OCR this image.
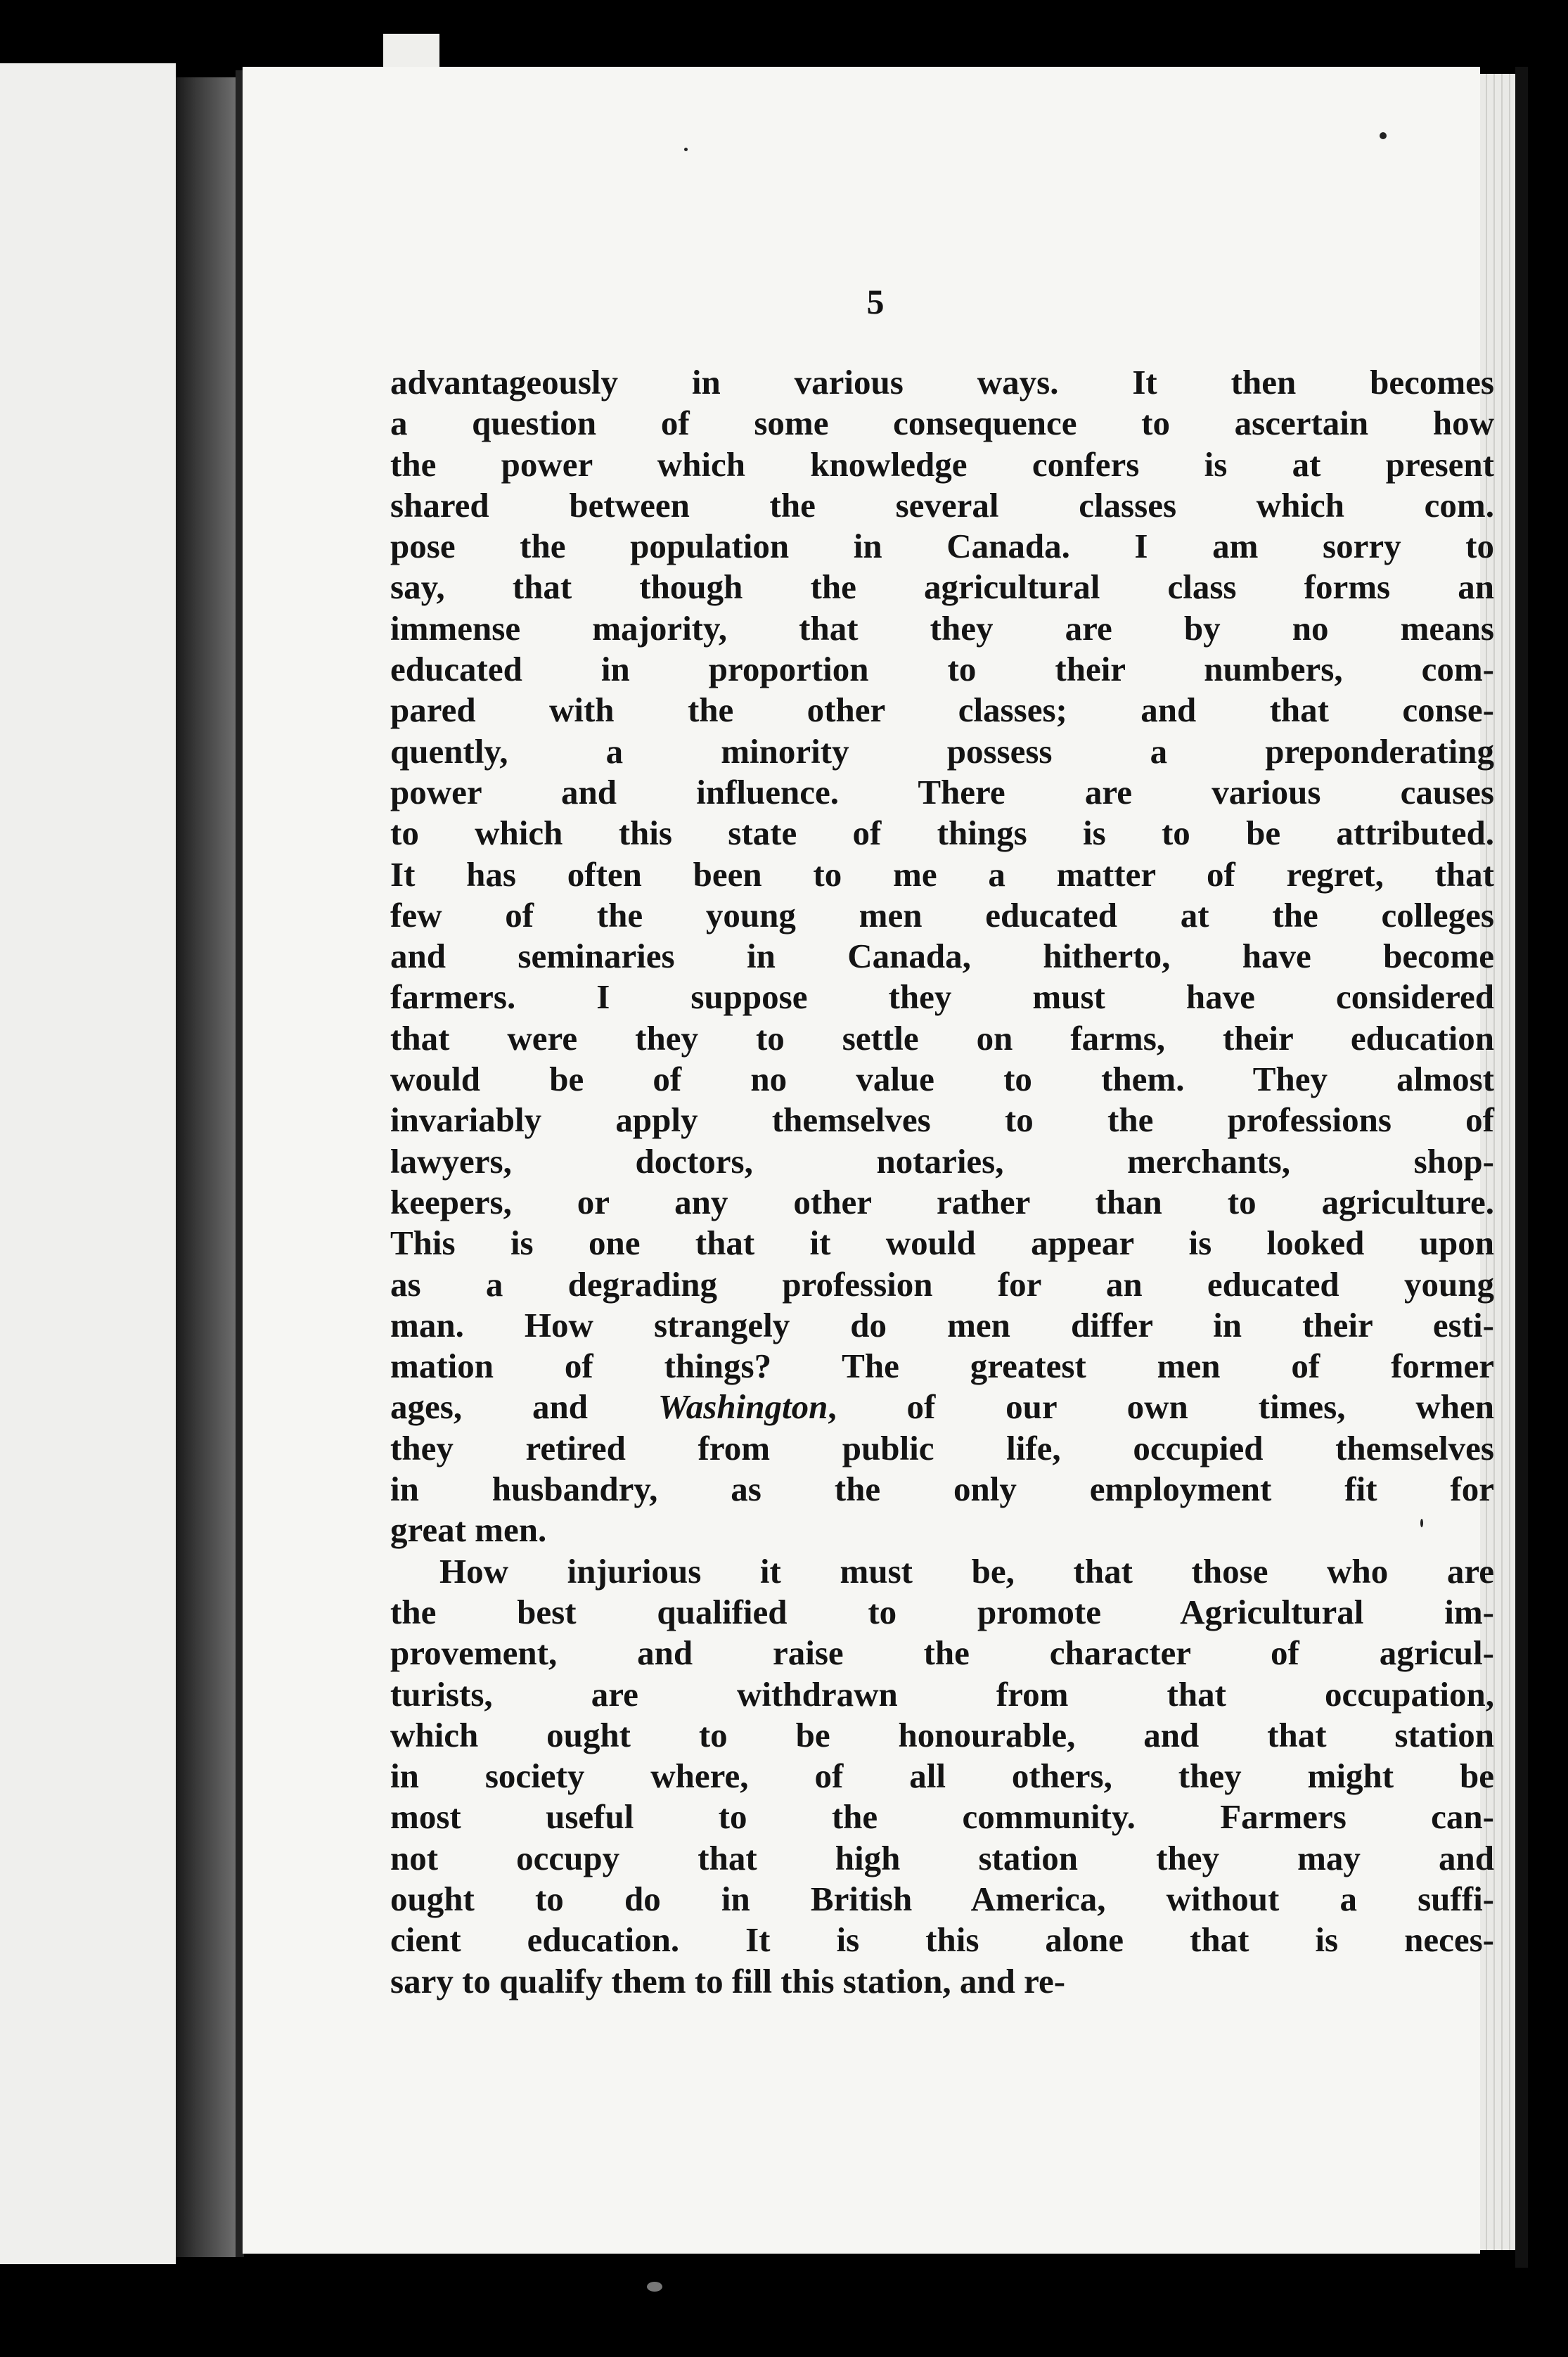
5
advantageously in various ways. It then becomes
a question of some consequence to ascertain how
the power which knowledge confers is at present
shared between the several classes which com.
pose the population in Canada. I am sorry to
say, that though the agricultural class forms an
immense majority, that they are by no means
educated in proportion to their numbers, com-
pared with the other classes; and that conse-
quently, a minority possess a preponderating
power and influence. There are various causes
to which this state of things is to be attributed.
It has often been to me a matter of regret, that
few of the young men educated at the colleges
and seminaries in Canada, hitherto, have become
farmers. I suppose they must have considered
that were they to settle on farms, their education
would be of no value to them. They almost
invariably apply themselves to the professions of
lawyers, doctors, notaries, merchants, shop-
keepers, or any other rather than to agriculture.
This is one that it would appear is looked upon
as a degrading profession for an educated young
man. How strangely do men differ in their esti-
mation of things? The greatest men of former
ages, and Washington, of our own times, when
they retired from public life, occupied themselves
in husbandry, as the only employment fit for
great men.
How injurious it must be, that those who are
the best qualified to promote Agricultural im-
provement, and raise the character of agricul-
turists, are withdrawn from that occupation,
which ought to be honourable, and that station
in society where, of all others, they might be
most useful to the community. Farmers can-
not occupy that high station they may and
ought to do in British America, without a suffi-
cient education. It is this alone that is neces-
sary to qualify them to fill this station, and re-
